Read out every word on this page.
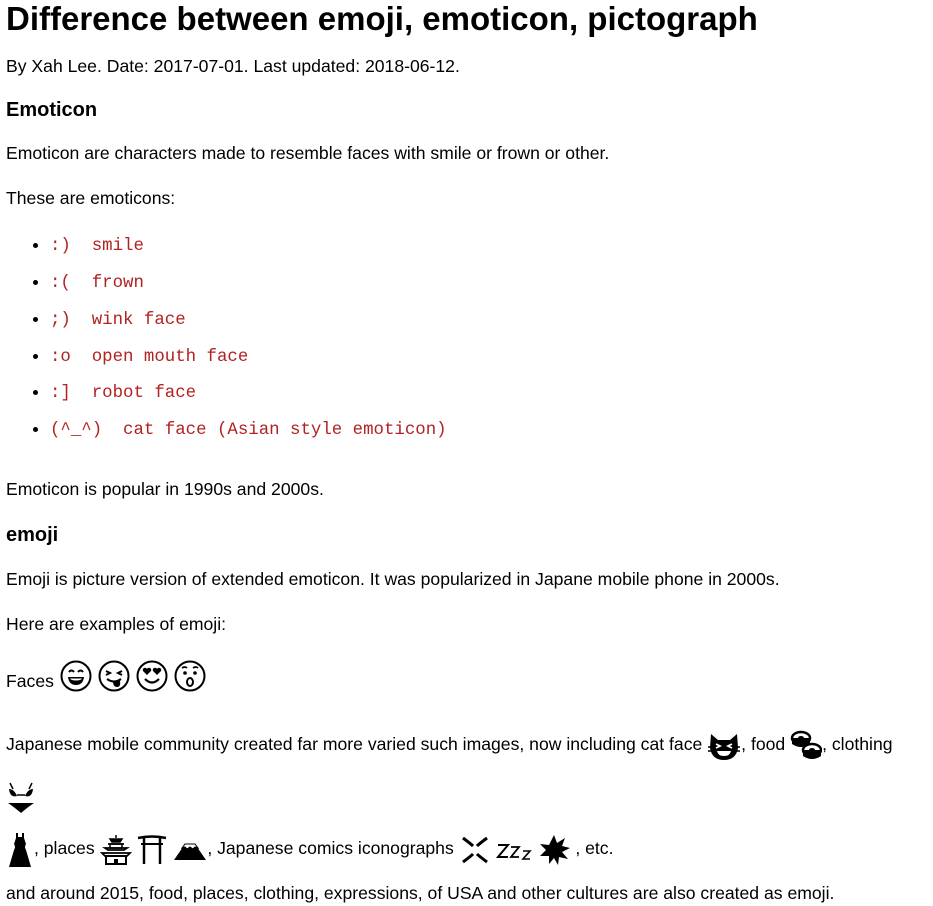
Difference between emoji, emoticon, pictograph

By Xah Lee. Date: 2017-07-01. Last updated: 2018-06-12.

Emoticon

Emoticon are characters made to resemble faces with smile or frown or other.

These are emoticons:

• :)  smile
• :(  frown
• ;)  wink face
• :o  open mouth face
• :]  robot face
• (^_^)  cat face (Asian style emoticon)

Emoticon is popular in 1990s and 2000s.

emoji

Emoji is picture version of extended emoticon. It was popularized in Japane mobile phone in 2000s.

Here are examples of emoji:

Faces

Japanese mobile community created far more varied such images, now including cat face , food , clothing
, places	, Japanese comics iconographs	, etc.

and around 2015, food, places, clothing, expressions, of USA and other cultures are also created as emoji.
